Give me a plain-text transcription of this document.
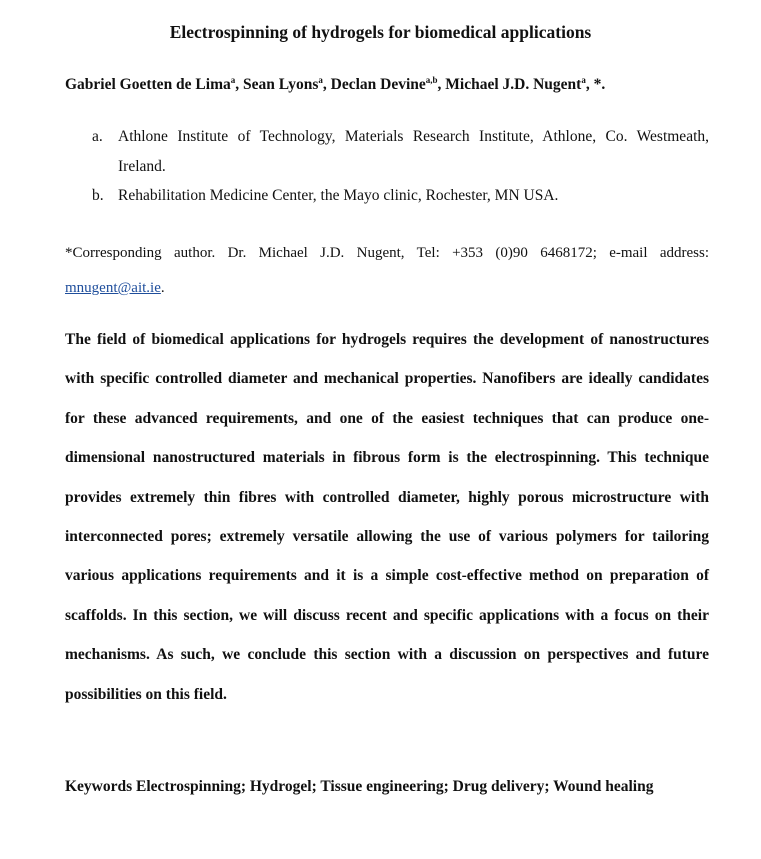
Electrospinning of hydrogels for biomedical applications
Gabriel Goetten de Lima$^a$, Sean Lyons$^a$, Declan Devine$^{a,b}$, Michael J.D. Nugent$^a$, *.
a. Athlone Institute of Technology, Materials Research Institute, Athlone, Co. Westmeath, Ireland.
b. Rehabilitation Medicine Center, the Mayo clinic, Rochester, MN USA.
*Corresponding author. Dr. Michael J.D. Nugent, Tel: +353 (0)90 6468172; e-mail address: mnugent@ait.ie.
The field of biomedical applications for hydrogels requires the development of nanostructures with specific controlled diameter and mechanical properties. Nanofibers are ideally candidates for these advanced requirements, and one of the easiest techniques that can produce one-dimensional nanostructured materials in fibrous form is the electrospinning. This technique provides extremely thin fibres with controlled diameter, highly porous microstructure with interconnected pores; extremely versatile allowing the use of various polymers for tailoring various applications requirements and it is a simple cost-effective method on preparation of scaffolds. In this section, we will discuss recent and specific applications with a focus on their mechanisms. As such, we conclude this section with a discussion on perspectives and future possibilities on this field.
Keywords Electrospinning; Hydrogel; Tissue engineering; Drug delivery; Wound healing
